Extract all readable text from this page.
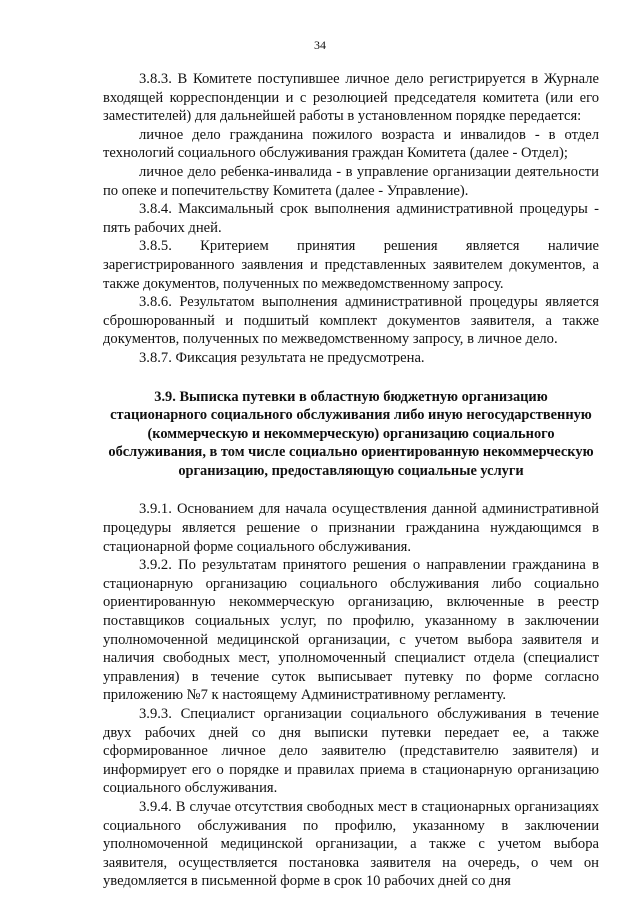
34

3.8.3. В Комитете поступившее личное дело регистрируется в Журнале входящей корреспонденции и с резолюцией председателя комитета (или его заместителей) для дальнейшей работы в установленном порядке передается:

личное дело гражданина пожилого возраста и инвалидов - в отдел технологий социального обслуживания граждан Комитета (далее - Отдел);

личное дело ребенка-инвалида - в управление организации деятельности по опеке и попечительству Комитета (далее - Управление).

3.8.4. Максимальный срок выполнения административной процедуры - пять рабочих дней.

3.8.5. Критерием принятия решения является наличие зарегистрированного заявления и представленных заявителем документов, а также документов, полученных по межведомственному запросу.

3.8.6. Результатом выполнения административной процедуры является сброшюрованный и подшитый комплект документов заявителя, а также документов, полученных по межведомственному запросу, в личное дело.

3.8.7. Фиксация результата не предусмотрена.

3.9. Выписка путевки в областную бюджетную организацию стационарного социального обслуживания либо иную негосударственную (коммерческую и некоммерческую) организацию социального обслуживания, в том числе социально ориентированную некоммерческую организацию, предоставляющую социальные услуги

3.9.1. Основанием для начала осуществления данной административной процедуры является решение о признании гражданина нуждающимся в стационарной форме социального обслуживания.

3.9.2. По результатам принятого решения о направлении гражданина в стационарную организацию социального обслуживания либо социально ориентированную некоммерческую организацию, включенные в реестр поставщиков социальных услуг, по профилю, указанному в заключении уполномоченной медицинской организации, с учетом выбора заявителя и наличия свободных мест, уполномоченный специалист отдела (специалист управления) в течение суток выписывает путевку по форме согласно приложению №7 к настоящему Административному регламенту.

3.9.3. Специалист организации социального обслуживания в течение двух рабочих дней со дня выписки путевки передает ее, а также сформированное личное дело заявителю (представителю заявителя) и информирует его о порядке и правилах приема в стационарную организацию социального обслуживания.

3.9.4. В случае отсутствия свободных мест в стационарных организациях социального обслуживания по профилю, указанному в заключении уполномоченной медицинской организации, а также с учетом выбора заявителя, осуществляется постановка заявителя на очередь, о чем он уведомляется в письменной форме в срок 10 рабочих дней со дня
